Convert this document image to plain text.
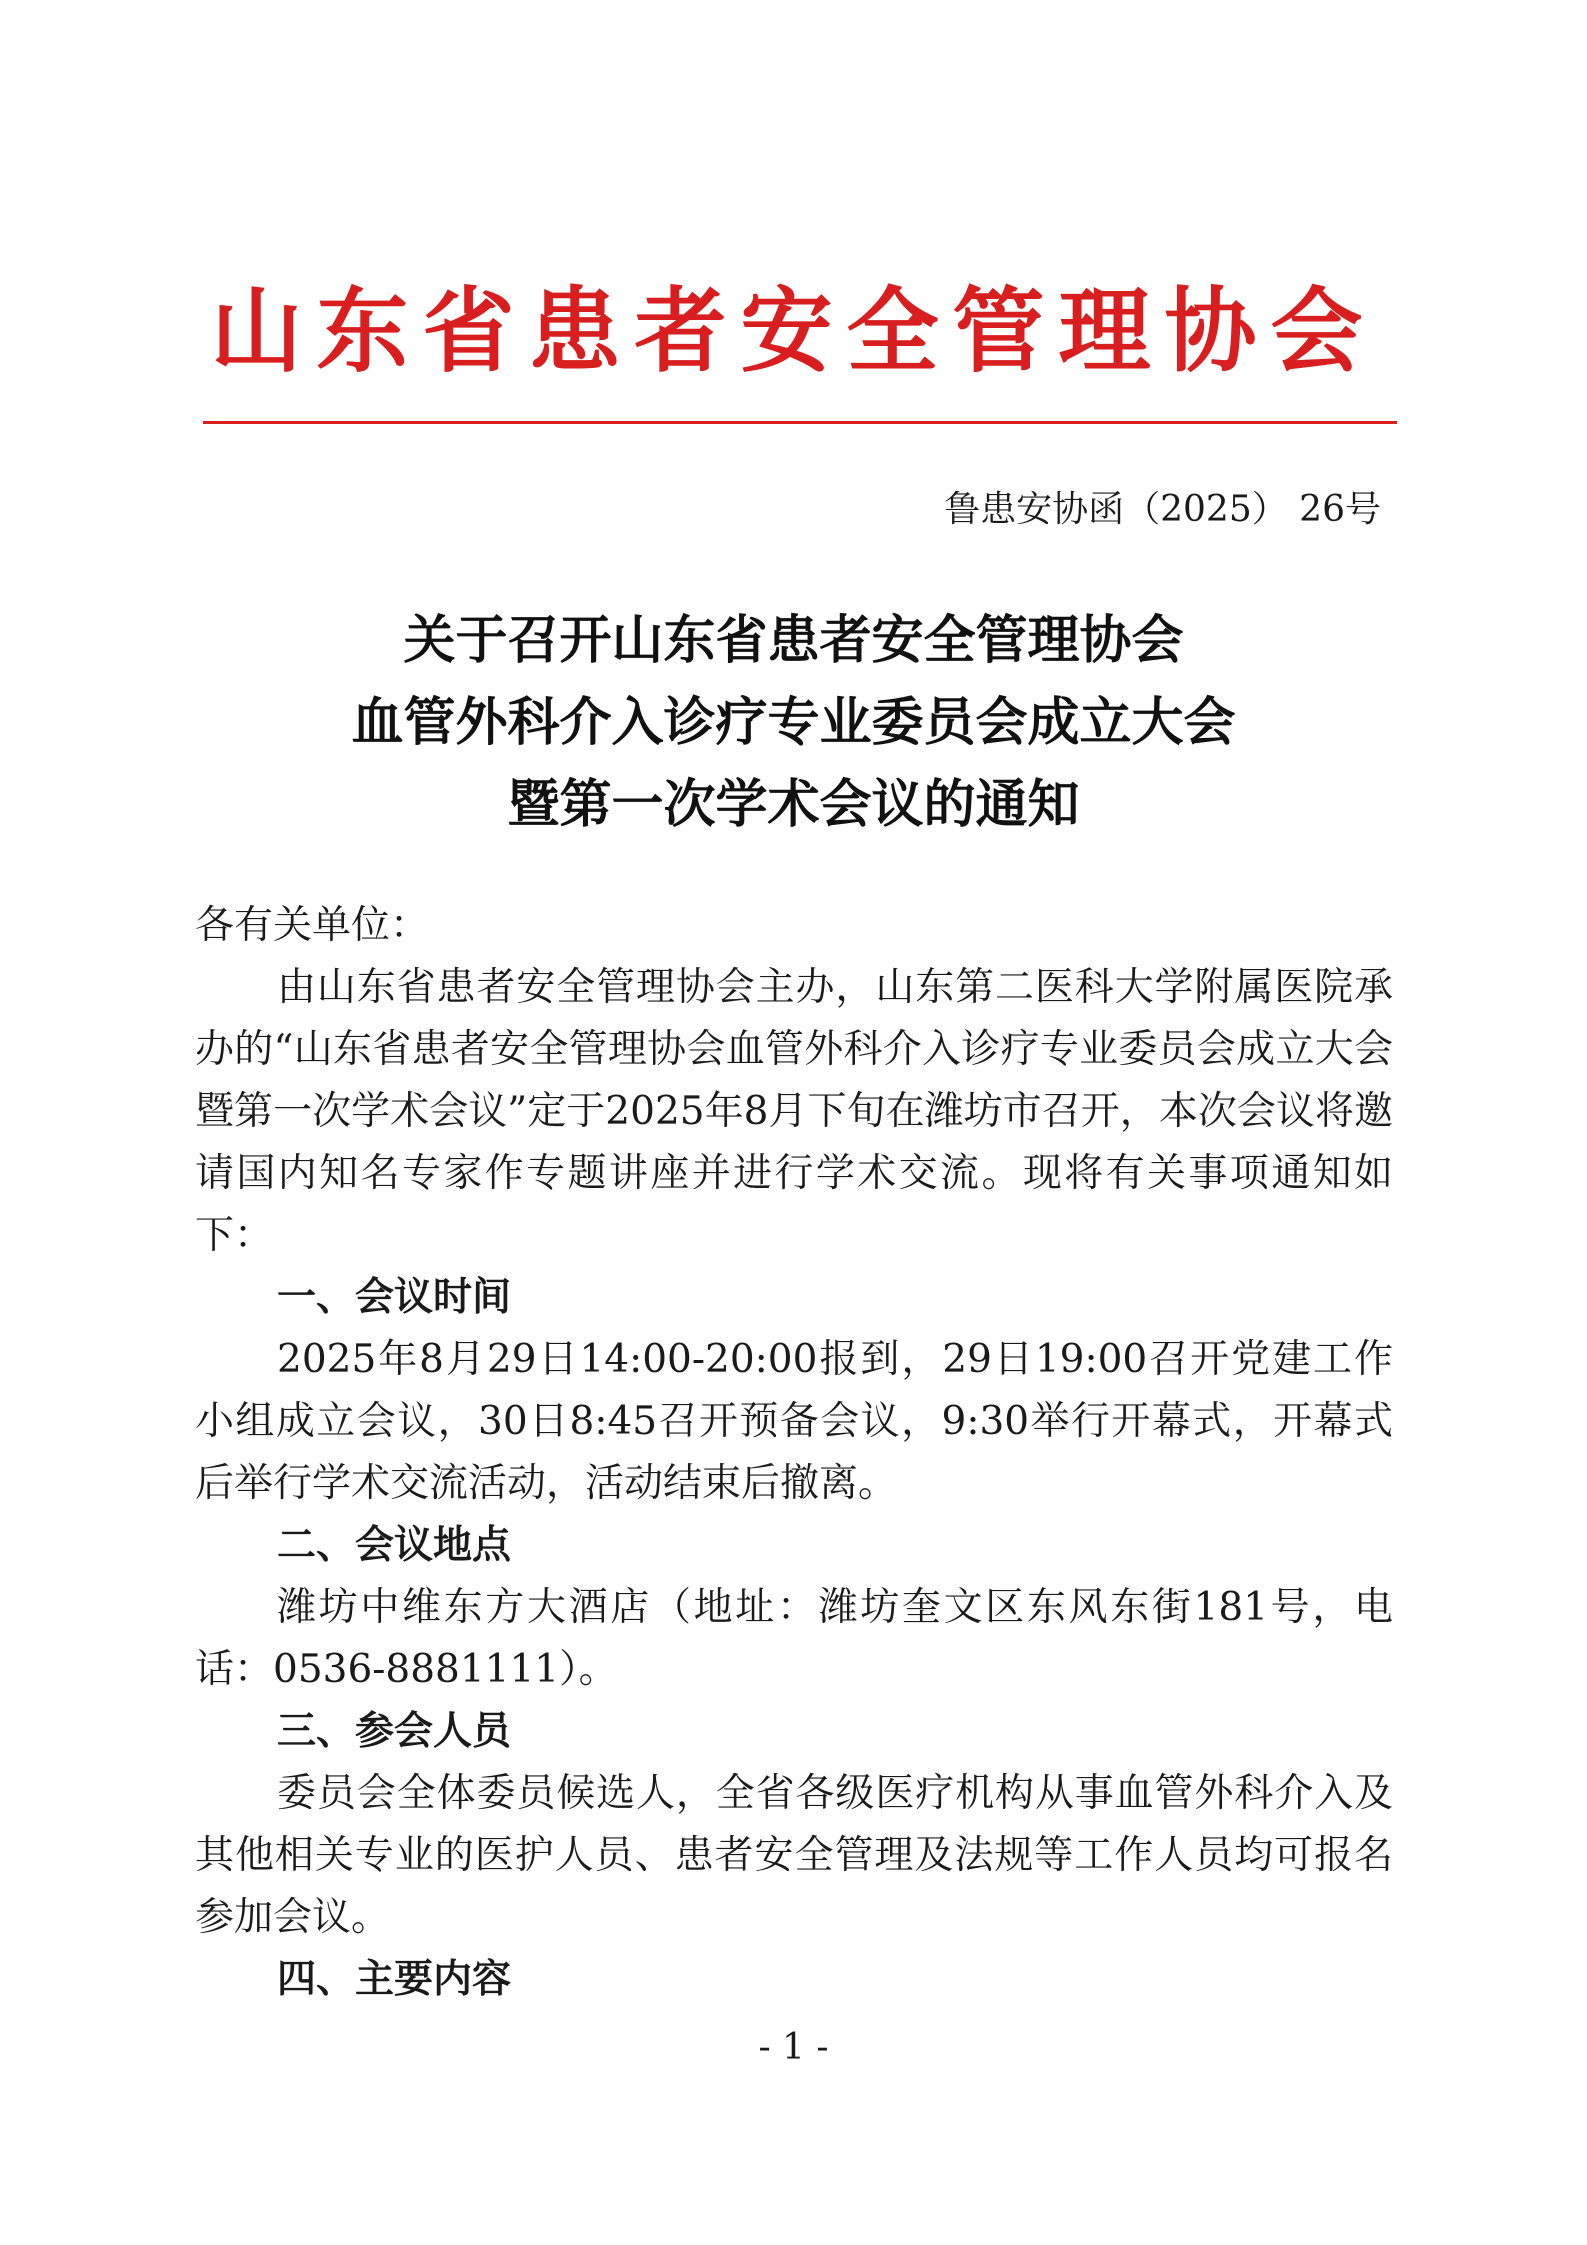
山东省患者安全管理协会
鲁患安协函（2025） 26号
关于召开山东省患者安全管理协会
血管外科介入诊疗专业委员会成立大会
暨第一次学术会议的通知

各有关单位：

由山东省患者安全管理协会主办，山东第二医科大学附属医院承办的“山东省患者安全管理协会血管外科介入诊疗专业委员会成立大会暨第一次学术会议”定于2025年8月下旬在潍坊市召开，本次会议将邀请国内知名专家作专题讲座并进行学术交流。现将有关事项通知如下：

一、会议时间

2025年8月29日14:00-20:00报到，29日19:00召开党建工作小组成立会议，30日8:45召开预备会议，9:30举行开幕式，开幕式后举行学术交流活动，活动结束后撤离。

二、会议地点

潍坊中维东方大酒店（地址：潍坊奎文区东风东街181号，电话：0536-8881111）。

三、参会人员

委员会全体委员候选人，全省各级医疗机构从事血管外科介入及其他相关专业的医护人员、患者安全管理及法规等工作人员均可报名参加会议。

四、主要内容

- 1 -
